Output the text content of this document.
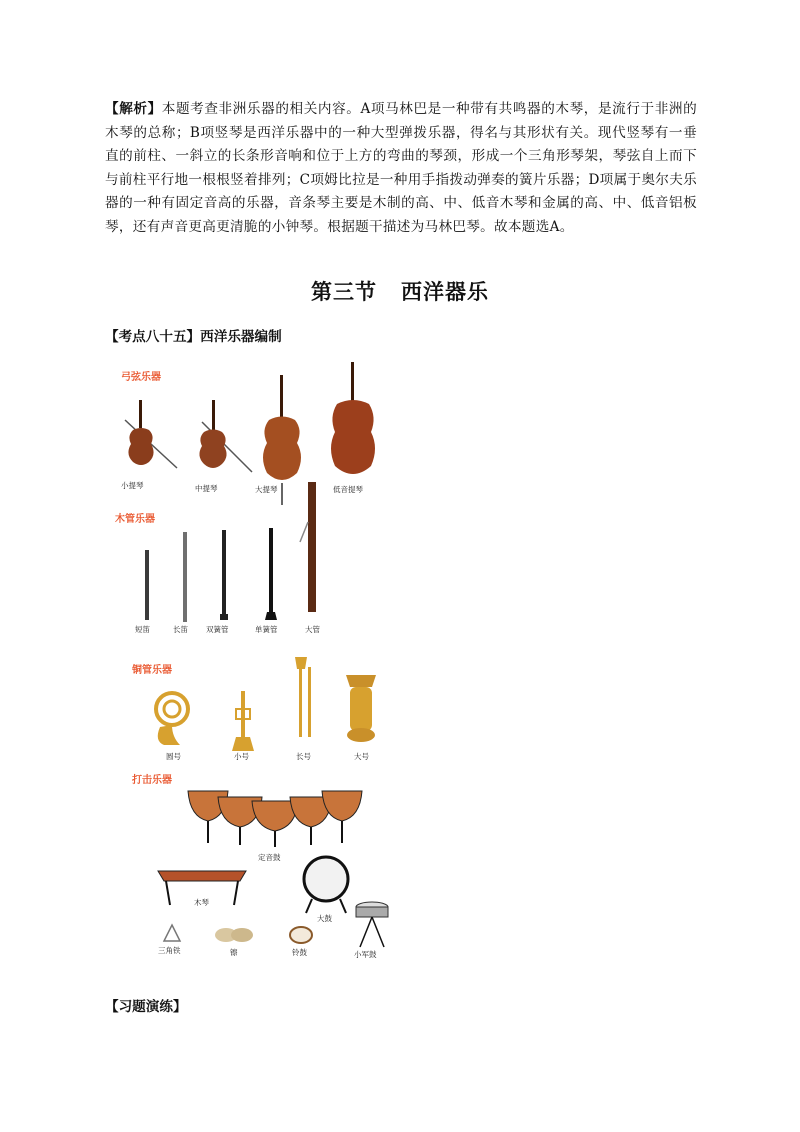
【解析】本题考查非洲乐器的相关内容。A项马林巴是一种带有共鸣器的木琴，是流行于非洲的木琴的总称；B项竖琴是西洋乐器中的一种大型弹拨乐器，得名与其形状有关。现代竖琴有一垂直的前柱、一斜立的长条形音响和位于上方的弯曲的琴颈，形成一个三角形琴架，琴弦自上而下与前柱平行地一根根竖着排列；C项姆比拉是一种用手指拨动弹奏的簧片乐器；D项属于奥尔夫乐器的一种有固定音高的乐器，音条琴主要是木制的高、中、低音木琴和金属的高、中、低音铝板琴，还有声音更高更清脆的小钟琴。根据题干描述为马林巴琴。故本题选A。
第三节 西洋器乐
【考点八十五】西洋乐器编制
弓弦乐器
小提琴	中提琴	大提琴	低音提琴
木管乐器
短笛	长笛 双簧管	单簧管	大管
铜管乐器
圆号	小号	长号	大号
打击乐器
定音鼓
木琴
大鼓
三角铁	镲	铃鼓	小军鼓
【习题演练】
